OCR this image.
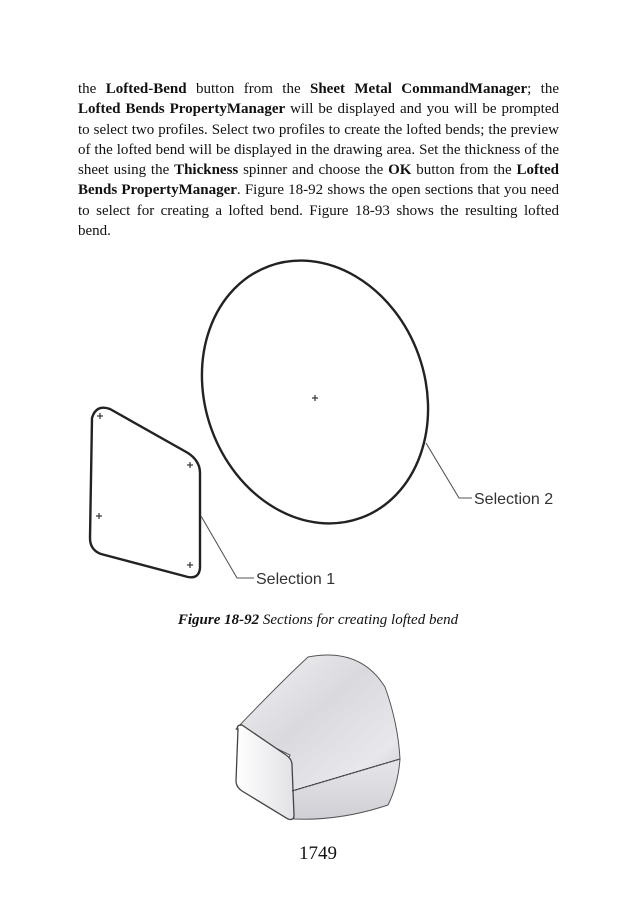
the Lofted-Bend button from the Sheet Metal CommandManager; the Lofted Bends PropertyManager will be displayed and you will be prompted to select two profiles. Select two profiles to create the lofted bends; the preview of the lofted bend will be displayed in the drawing area. Set the thickness of the sheet using the Thickness spinner and choose the OK button from the Lofted Bends PropertyManager. Figure 18-92 shows the open sections that you need to select for creating a lofted bend. Figure 18-93 shows the resulting lofted bend.

Selection 1
Selection 2

Figure 18-92 Sections for creating lofted bend

1749
